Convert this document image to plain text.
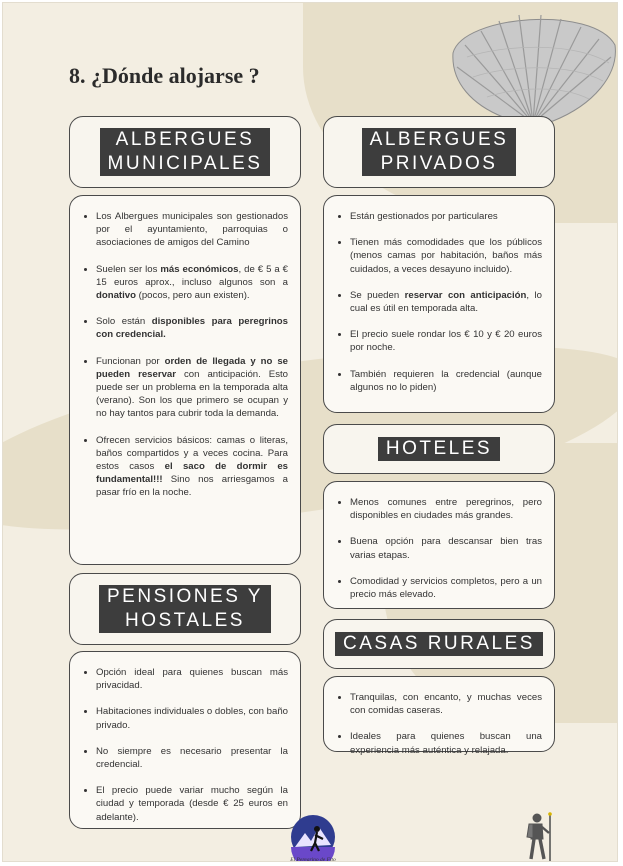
8. ¿Dónde alojarse ?
ALBERGUES
MUNICIPALES
Los Albergues municipales son gestionados por el ayuntamiento, parroquias o asociaciones de amigos del Camino
Suelen ser los más económicos, de € 5 a € 15 euros aprox., incluso algunos son a donativo (pocos, pero aun existen).
Solo están disponibles para peregrinos con credencial.
Funcionan por orden de llegada y no se pueden reservar con anticipación. Esto puede ser un problema en la temporada alta (verano). Son los que primero se ocupan y no hay tantos para cubrir toda la demanda.
Ofrecen servicios básicos: camas o literas, baños compartidos y a veces cocina. Para estos casos el saco de dormir es fundamental!!! Sino nos arriesgamos a pasar frío en la noche.
PENSIONES Y
HOSTALES
Opción ideal para quienes buscan más privacidad.
Habitaciones individuales o dobles, con baño privado.
No siempre es necesario presentar la credencial.
El precio puede variar mucho según la ciudad y temporada (desde € 25 euros en adelante).
ALBERGUES
PRIVADOS
Están gestionados por particulares
Tienen más comodidades que los públicos (menos camas por habitación, baños más cuidados, a veces desayuno incluido).
Se pueden reservar con anticipación, lo cual es útil en temporada alta.
El precio suele rondar los € 10 y € 20 euros por noche.
También requieren la credencial (aunque algunos no lo piden)
HOTELES
Menos comunes entre peregrinos, pero disponibles en ciudades más grandes.
Buena opción para descansar bien tras varias etapas.
Comodidad y servicios completos, pero a un precio más elevado.
CASAS RURALES
Tranquilas, con encanto, y muchas veces con comidas caseras.
Ideales para quienes buscan una experiencia más auténtica y relajada.
El Peregrino de Fito
